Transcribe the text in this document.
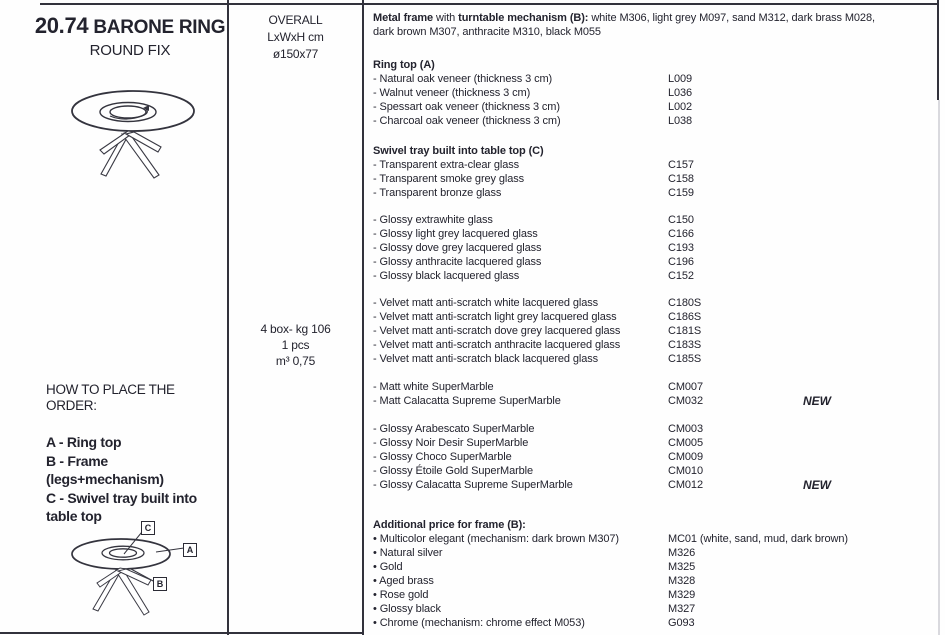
20.74 BARONE RING
ROUND FIX
HOW TO PLACE THE ORDER:
A - Ring top
B - Frame
(legs+mechanism)
C - Swivel tray built into
table top
C
A
B
OVERALL
LxWxH cm
ø150x77
4 box- kg 106
1 pcs
m³ 0,75
Metal frame with turntable mechanism (B): white M306, light grey M097, sand M312, dark brass M028,
dark brown M307, anthracite M310, black M055
Ring top (A)
- Natural oak veneer (thickness 3 cm)	L009
- Walnut veneer (thickness 3 cm)	L036
- Spessart oak veneer (thickness 3 cm)	L002
- Charcoal oak veneer (thickness 3 cm)	L038
Swivel tray built into table top (C)
- Transparent extra-clear glass	C157
- Transparent smoke grey glass	C158
- Transparent bronze glass	C159
- Glossy extrawhite glass	C150
- Glossy light grey lacquered glass	C166
- Glossy dove grey lacquered glass	C193
- Glossy anthracite lacquered glass	C196
- Glossy black lacquered glass	C152
- Velvet matt anti-scratch white lacquered glass	C180S
- Velvet matt anti-scratch light grey lacquered glass	C186S
- Velvet matt anti-scratch dove grey lacquered glass	C181S
- Velvet matt anti-scratch anthracite lacquered glass	C183S
- Velvet matt anti-scratch black lacquered glass	C185S
- Matt white SuperMarble	CM007
- Matt Calacatta Supreme SuperMarble	CM032	NEW
- Glossy Arabescato SuperMarble	CM003
- Glossy Noir Desir SuperMarble	CM005
- Glossy Choco SuperMarble	CM009
- Glossy Étoile Gold SuperMarble	CM010
- Glossy Calacatta Supreme SuperMarble	CM012	NEW
Additional price for frame (B):
• Multicolor elegant (mechanism: dark brown M307)	MC01 (white, sand, mud, dark brown)
• Natural silver	M326
• Gold	M325
• Aged brass	M328
• Rose gold	M329
• Glossy black	M327
• Chrome (mechanism: chrome effect M053)	G093
